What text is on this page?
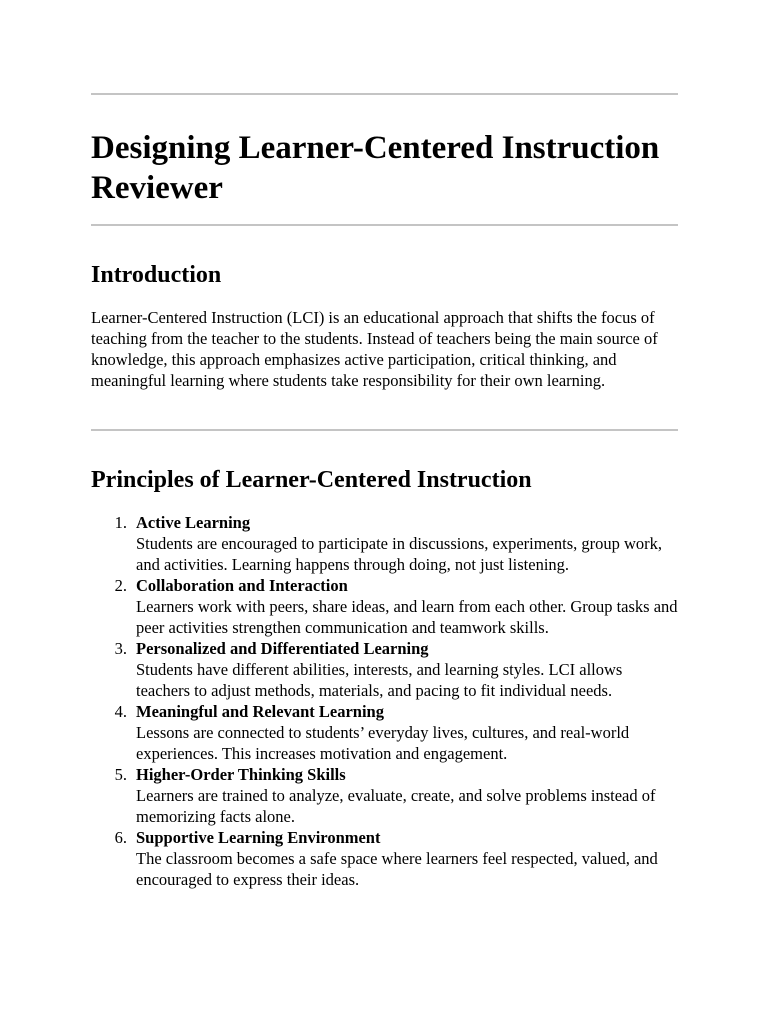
Designing Learner-Centered Instruction Reviewer
Introduction

Learner-Centered Instruction (LCI) is an educational approach that shifts the focus of teaching from the teacher to the students. Instead of teachers being the main source of knowledge, this approach emphasizes active participation, critical thinking, and meaningful learning where students take responsibility for their own learning.

Principles of Learner-Centered Instruction
1. Active Learning
Students are encouraged to participate in discussions, experiments, group work, and activities. Learning happens through doing, not just listening.
2. Collaboration and Interaction
Learners work with peers, share ideas, and learn from each other. Group tasks and peer activities strengthen communication and teamwork skills.
3. Personalized and Differentiated Learning
Students have different abilities, interests, and learning styles. LCI allows teachers to adjust methods, materials, and pacing to fit individual needs.
4. Meaningful and Relevant Learning
Lessons are connected to students’ everyday lives, cultures, and real-world experiences. This increases motivation and engagement.
5. Higher-Order Thinking Skills
Learners are trained to analyze, evaluate, create, and solve problems instead of memorizing facts alone.
6. Supportive Learning Environment
The classroom becomes a safe space where learners feel respected, valued, and encouraged to express their ideas.
